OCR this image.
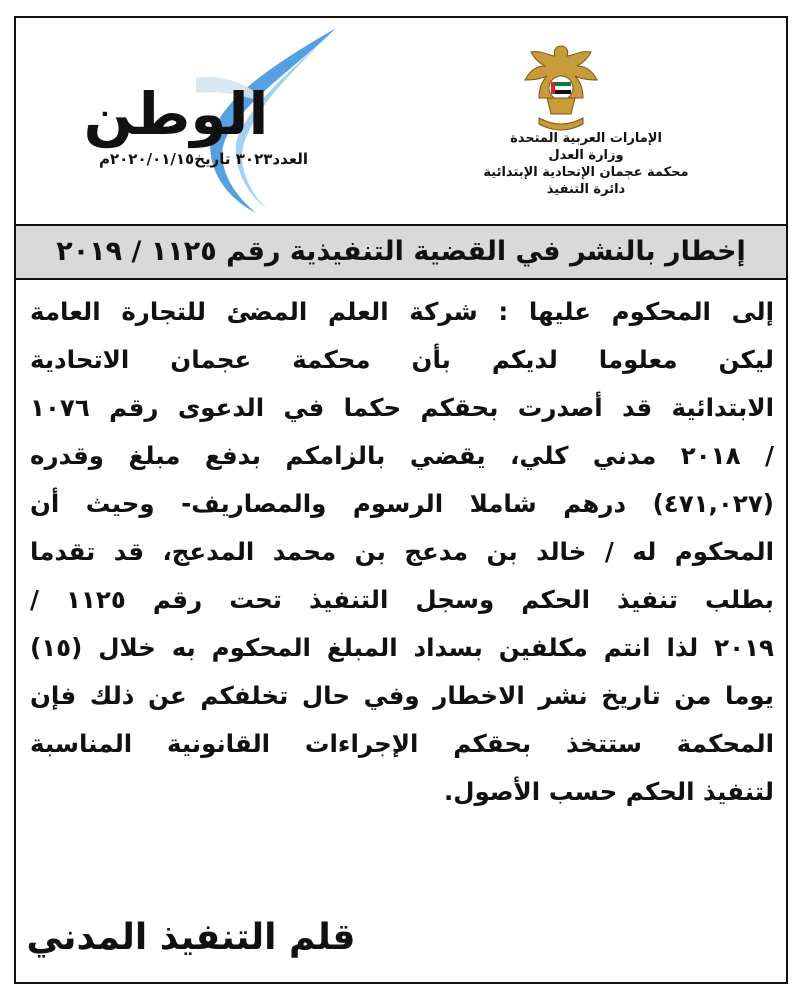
الإمارات العربية المتحدة
وزارة العدل
محكمة عجمان الإتحادية الإبتدائية
دائرة التنفيذ
الوطن
العدد٣٠٢٣ تاريخ٢٠٢٠/٠١/١٥م
إخطار بالنشر في القضية التنفيذية رقم ١١٢٥ / ٢٠١٩
إلى المحكوم عليها : شركة العلم المضئ للتجارة العامة
ليكن معلوما لديكم بأن محكمة عجمان الاتحادية
الابتدائية قد أصدرت بحقكم حكما في الدعوى رقم ١٠٧٦
/ ٢٠١٨ مدني كلي، يقضي بالزامكم بدفع مبلغ وقدره
(٤٧١,٠٢٧) درهم شاملا الرسوم والمصاريف- وحيث أن
المحكوم له / خالد بن مدعج بن محمد المدعج، قد تقدما
بطلب تنفيذ الحكم وسجل التنفيذ تحت رقم ١١٢٥ /
٢٠١٩ لذا انتم مكلفين بسداد المبلغ المحكوم به خلال (١٥)
يوما من تاريخ نشر الاخطار وفي حال تخلفكم عن ذلك فإن
المحكمة ستتخذ بحقكم الإجراءات القانونية المناسبة
لتنفيذ الحكم حسب الأصول.
قلم التنفيذ المدني
